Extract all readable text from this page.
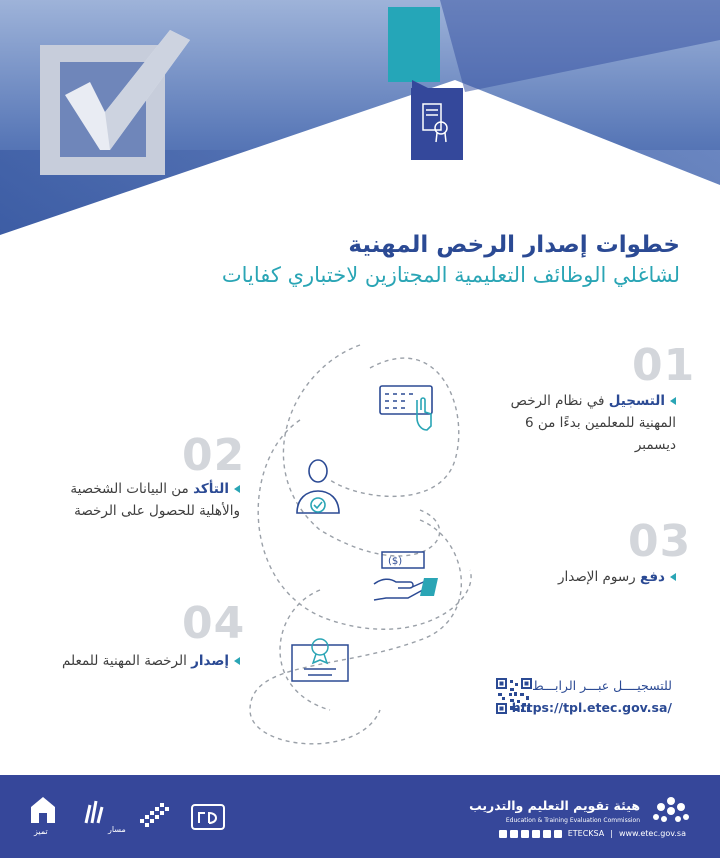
خطوات إصدار الرخص المهنية
لشاغلي الوظائف التعليمية المجتازين لاختباري كفايات
01
التسجيل في نظام الرخص المهنية للمعلمين بدءًا من 6 ديسمبر
02
التأكد من البيانات الشخصية والأهلية للحصول على الرخصة
03
دفع رسوم الإصدار
($)
04
إصدار الرخصة المهنية للمعلم
للتسجيــــل عبـــر الرابـــط
https://tpl.etec.gov.sa/
هيئة تقويم التعليم والتدريب
Education & Training Evaluation Commission
ETECKSA | www.etec.gov.sa
مسار
تميز
